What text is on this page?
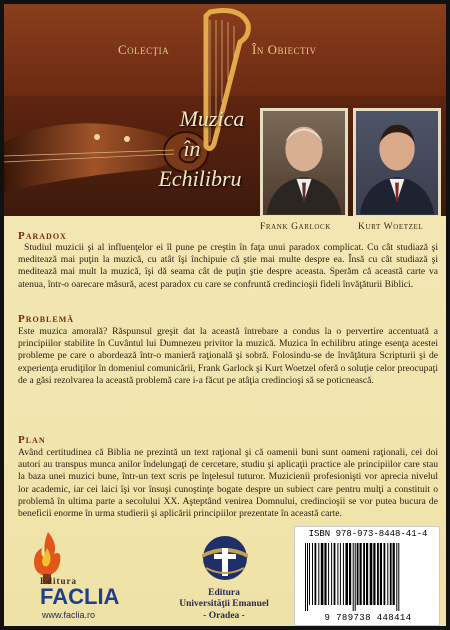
Colecţia	În Obiectiv
Muzica
în
Echilibru
Frank Garlock	Kurt Woetzel
Paradox

Studiul muzicii şi al influenţelor ei îl pune pe creştin în faţa unui paradox complicat. Cu cât studiază şi meditează mai puţin la muzică, cu atât îşi închipuie că ştie mai multe despre ea. Însă cu cât studiază şi meditează mai mult la muzică, îşi dă seama cât de puţin ştie despre aceasta. Sperăm că această carte va atenua, într-o oarecare măsură, acest paradox cu care se confruntă credincioşii fideli învăţăturii Biblici.

Problemă

Este muzica amorală? Răspunsul greşit dat la această întrebare a condus la o pervertire accentuată a principiilor stabilite în Cuvântul lui Dumnezeu privitor la muzică. Muzica în echilibru atinge esenţa acestei probleme pe care o abordează într-o manieră raţională şi sobră. Folosindu-se de învăţătura Scripturii şi de experienţa erudiţilor în domeniul comunicării, Frank Garlock şi Kurt Woetzel oferă o soluţie celor preocupaţi de a găsi rezolvarea la această problemă care i-a făcut pe atâţia credincioşi să se poticnească.

Plan

Având certitudinea că Biblia ne prezintă un text raţional şi că oamenii buni sunt oameni raţionali, cei doi autori au transpus munca anilor îndelungaţi de cercetare, studiu şi aplicaţii practice ale principiilor care stau la baza unei muzici bune, într-un text scris pe înţelesul tuturor. Muzicienii profesionişti vor aprecia nivelul lor academic, iar cei laici îşi vor însuşi cunoştinţe bogate despre un subiect care pentru mulţi a constituit o problemă în ultima parte a secolului XX. Aşteptând venirea Domnului, credincioşii se vor putea bucura de beneficii enorme în urma studierii şi aplicării principiilor prezentate în această carte.

Editura
FACLIA
www.faclia.ro
Editura
Universităţii Emanuel
- Oradea -
ISBN 978-973-8448-41-4
9 789738 448414
